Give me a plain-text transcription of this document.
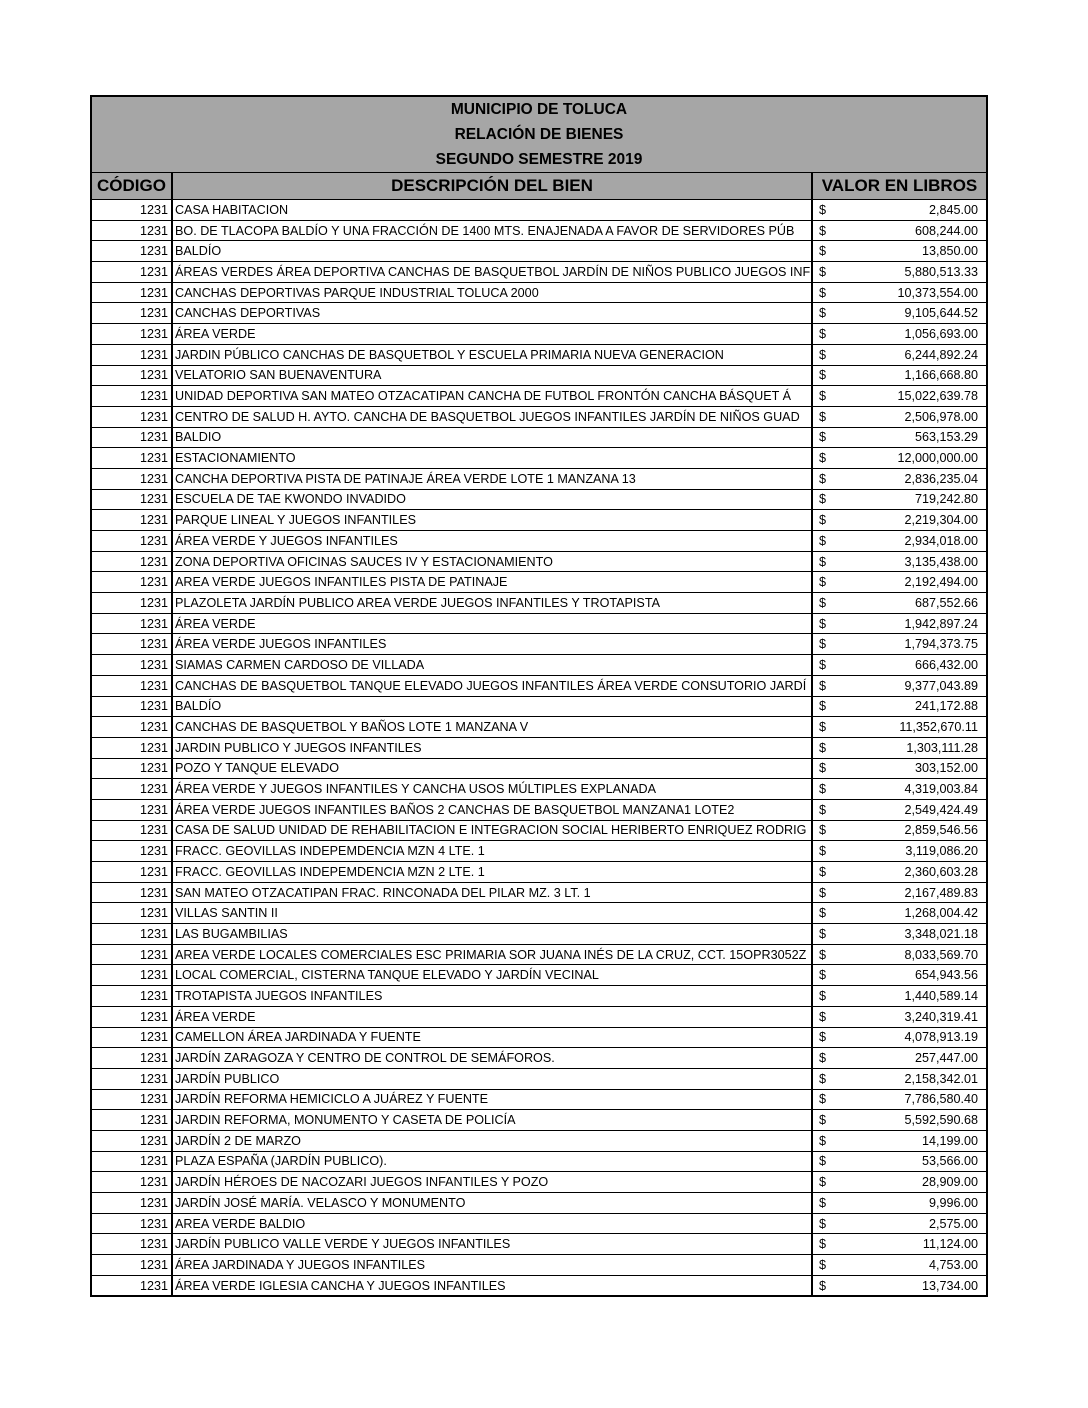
MUNICIPIO DE TOLUCA
RELACIÓN DE BIENES
SEGUNDO SEMESTRE 2019
CÓDIGO	DESCRIPCIÓN DEL BIEN	VALOR EN LIBROS
1231	CASA HABITACION	$ 2,845.00

1231	BO. DE TLACOPA BALDÍO Y UNA FRACCIÓN DE 1400 MTS. ENAJENADA A FAVOR DE SERVIDORES PÚB	$ 608,244.00

1231	BALDÍO	$ 13,850.00

1231	ÁREAS VERDES ÁREA DEPORTIVA CANCHAS DE BASQUETBOL JARDÍN DE NIÑOS PUBLICO JUEGOS INF	$ 5,880,513.33

1231	CANCHAS DEPORTIVAS PARQUE INDUSTRIAL TOLUCA 2000	$ 10,373,554.00

1231	CANCHAS DEPORTIVAS	$ 9,105,644.52

1231	ÁREA VERDE	$ 1,056,693.00

1231	JARDIN PÚBLICO CANCHAS DE BASQUETBOL Y ESCUELA PRIMARIA NUEVA GENERACION	$ 6,244,892.24

1231	VELATORIO SAN BUENAVENTURA	$ 1,166,668.80

1231	UNIDAD DEPORTIVA SAN MATEO OTZACATIPAN CANCHA DE FUTBOL FRONTÓN CANCHA BÁSQUET Á	$ 15,022,639.78

1231	CENTRO DE SALUD H. AYTO. CANCHA DE BASQUETBOL JUEGOS INFANTILES JARDÍN DE NIÑOS GUAD	$ 2,506,978.00

1231	BALDIO	$ 563,153.29

1231	ESTACIONAMIENTO	$ 12,000,000.00

1231	CANCHA DEPORTIVA PISTA DE PATINAJE ÁREA VERDE LOTE 1 MANZANA 13	$ 2,836,235.04

1231	ESCUELA DE TAE KWONDO INVADIDO	$ 719,242.80

1231	PARQUE LINEAL Y JUEGOS INFANTILES	$ 2,219,304.00

1231	ÁREA VERDE Y JUEGOS INFANTILES	$ 2,934,018.00

1231	ZONA DEPORTIVA OFICINAS SAUCES IV Y ESTACIONAMIENTO	$ 3,135,438.00

1231	AREA VERDE JUEGOS INFANTILES PISTA DE PATINAJE	$ 2,192,494.00

1231	PLAZOLETA JARDÍN PUBLICO AREA VERDE JUEGOS INFANTILES Y TROTAPISTA	$ 687,552.66

1231	ÁREA VERDE	$ 1,942,897.24

1231	ÁREA VERDE JUEGOS INFANTILES	$ 1,794,373.75

1231	SIAMAS CARMEN CARDOSO DE VILLADA	$ 666,432.00

1231	CANCHAS DE BASQUETBOL TANQUE ELEVADO JUEGOS INFANTILES ÁREA VERDE CONSUTORIO JARDÍ	$ 9,377,043.89

1231	BALDÍO	$ 241,172.88

1231	CANCHAS DE BASQUETBOL Y BAÑOS LOTE 1 MANZANA V	$ 11,352,670.11

1231	JARDIN PUBLICO Y JUEGOS INFANTILES	$ 1,303,111.28

1231	POZO Y TANQUE ELEVADO	$ 303,152.00

1231	ÁREA VERDE Y JUEGOS INFANTILES Y CANCHA USOS MÚLTIPLES EXPLANADA	$ 4,319,003.84

1231	ÁREA VERDE JUEGOS INFANTILES BAÑOS 2 CANCHAS DE BASQUETBOL MANZANA1 LOTE2	$ 2,549,424.49

1231	CASA DE SALUD UNIDAD DE REHABILITACION E INTEGRACION SOCIAL HERIBERTO ENRIQUEZ RODRIG	$ 2,859,546.56

1231	FRACC. GEOVILLAS INDEPEMDENCIA MZN 4 LTE. 1	$ 3,119,086.20

1231	FRACC. GEOVILLAS INDEPEMDENCIA MZN 2 LTE. 1	$ 2,360,603.28

1231	SAN MATEO OTZACATIPAN FRAC. RINCONADA DEL PILAR MZ. 3 LT. 1	$ 2,167,489.83

1231	VILLAS SANTIN II	$ 1,268,004.42

1231	LAS BUGAMBILIAS	$ 3,348,021.18

1231	AREA VERDE LOCALES COMERCIALES ESC PRIMARIA SOR JUANA INÉS DE LA CRUZ, CCT. 15OPR3052Z	$ 8,033,569.70

1231	LOCAL COMERCIAL, CISTERNA TANQUE ELEVADO Y JARDÍN VECINAL	$ 654,943.56

1231	TROTAPISTA JUEGOS INFANTILES	$ 1,440,589.14

1231	ÁREA VERDE	$ 3,240,319.41

1231	CAMELLON ÁREA JARDINADA Y FUENTE	$ 4,078,913.19

1231	JARDÍN ZARAGOZA Y CENTRO DE CONTROL DE SEMÁFOROS.	$ 257,447.00

1231	JARDÍN PUBLICO	$ 2,158,342.01

1231	JARDÍN REFORMA HEMICICLO A JUÁREZ Y FUENTE	$ 7,786,580.40

1231	JARDIN REFORMA, MONUMENTO Y CASETA DE POLICÍA	$ 5,592,590.68

1231	JARDÍN 2 DE MARZO	$ 14,199.00

1231	PLAZA ESPAÑA (JARDÍN PUBLICO).	$ 53,566.00

1231	JARDÍN HÉROES DE NACOZARI JUEGOS INFANTILES Y POZO	$ 28,909.00

1231	JARDÍN JOSÉ MARÍA. VELASCO Y MONUMENTO	$ 9,996.00

1231	AREA VERDE BALDIO	$ 2,575.00

1231	JARDÍN PUBLICO VALLE VERDE Y JUEGOS INFANTILES	$ 11,124.00

1231	ÁREA JARDINADA Y JUEGOS INFANTILES	$ 4,753.00

1231	ÁREA VERDE IGLESIA CANCHA Y JUEGOS INFANTILES	$ 13,734.00
